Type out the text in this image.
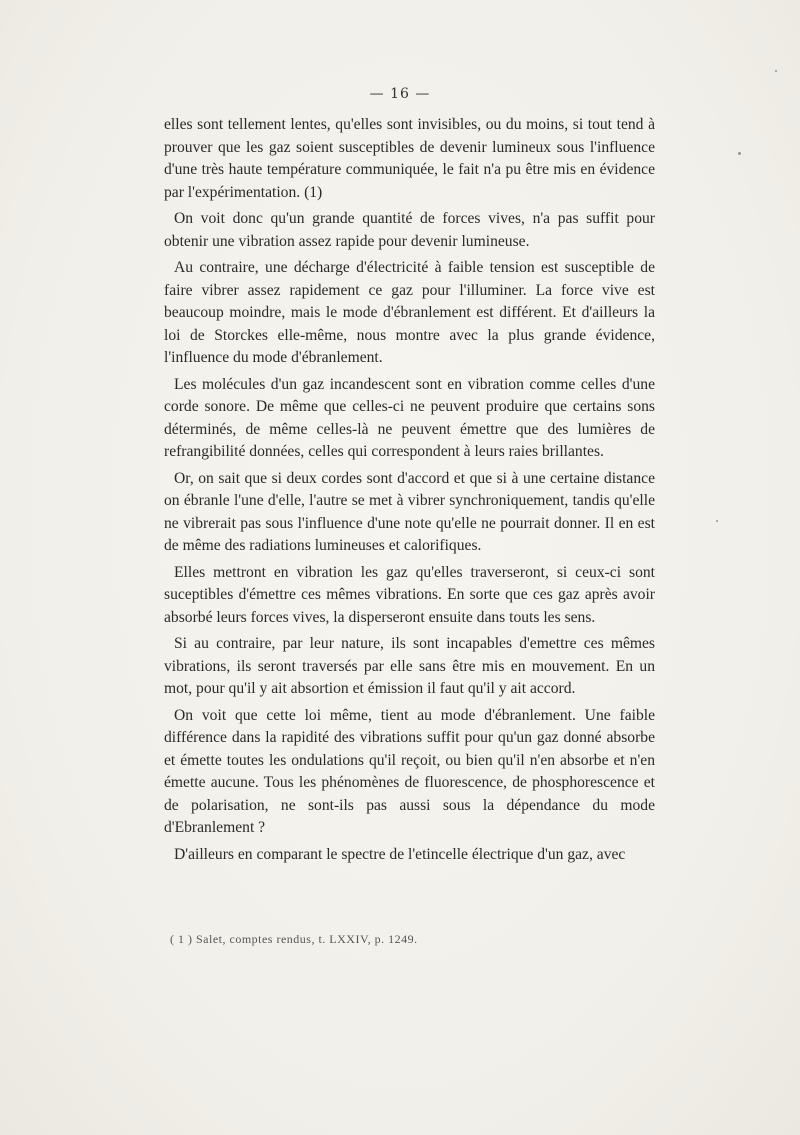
— 16 —

elles sont tellement lentes, qu'elles sont invisibles, ou du moins, si tout tend à prouver que les gaz soient susceptibles de devenir lumineux sous l'influence d'une très haute température communiquée, le fait n'a pu être mis en évidence par l'expérimentation. (1)

On voit donc qu'un grande quantité de forces vives, n'a pas suffit pour obtenir une vibration assez rapide pour devenir lumineuse.

Au contraire, une décharge d'électricité à faible tension est susceptible de faire vibrer assez rapidement ce gaz pour l'illuminer. La force vive est beaucoup moindre, mais le mode d'ébranlement est différent. Et d'ailleurs la loi de Storckes elle-même, nous montre avec la plus grande évidence, l'influence du mode d'ébranlement.

Les molécules d'un gaz incandescent sont en vibration comme celles d'une corde sonore. De même que celles-ci ne peuvent produire que certains sons déterminés, de même celles-là ne peuvent émettre que des lumières de refrangibilité données, celles qui correspondent à leurs raies brillantes.

Or, on sait que si deux cordes sont d'accord et que si à une certaine distance on ébranle l'une d'elle, l'autre se met à vibrer synchroniquement, tandis qu'elle ne vibrerait pas sous l'influence d'une note qu'elle ne pourrait donner. Il en est de même des radiations lumineuses et calorifiques.

Elles mettront en vibration les gaz qu'elles traverseront, si ceux-ci sont suceptibles d'émettre ces mêmes vibrations. En sorte que ces gaz après avoir absorbé leurs forces vives, la disperseront ensuite dans touts les sens.

Si au contraire, par leur nature, ils sont incapables d'emettre ces mêmes vibrations, ils seront traversés par elle sans être mis en mouvement. En un mot, pour qu'il y ait absortion et émission il faut qu'il y ait accord.

On voit que cette loi même, tient au mode d'ébranlement. Une faible différence dans la rapidité des vibrations suffit pour qu'un gaz donné absorbe et émette toutes les ondulations qu'il reçoit, ou bien qu'il n'en absorbe et n'en émette aucune. Tous les phénomènes de fluorescence, de phosphorescence et de polarisation, ne sont-ils pas aussi sous la dépendance du mode d'Ebranlement ?

D'ailleurs en comparant le spectre de l'etincelle électrique d'un gaz, avec

( 1 ) Salet, comptes rendus, t. LXXIV, p. 1249.
